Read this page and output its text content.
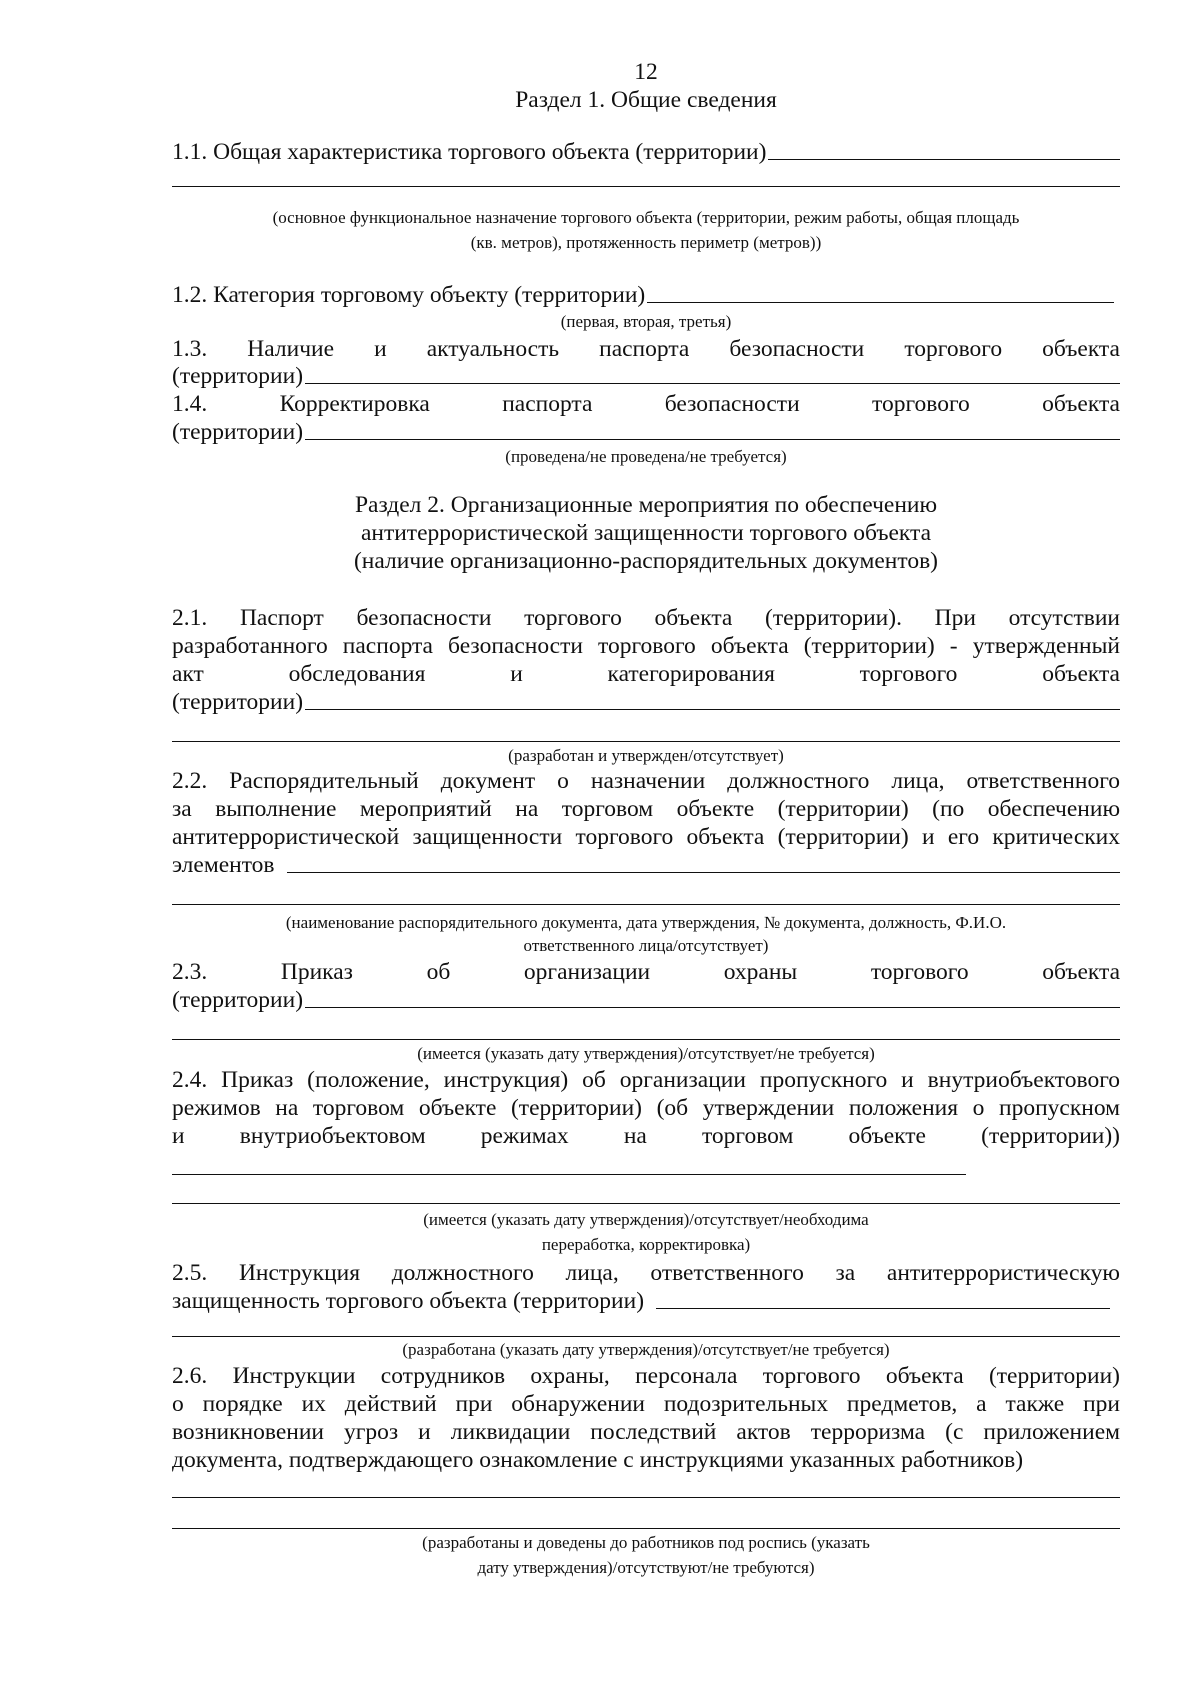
12
Раздел 1. Общие сведения
1.1. Общая характеристика торгового объекта (территории)
(основное функциональное назначение торгового объекта (территории, режим работы, общая площадь
(кв. метров), протяженность периметр (метров))
1.2. Категория торговому объекту (территории)
(первая, вторая, третья)
1.3. Наличие и актуальность паспорта безопасности торгового объекта
(территории)
1.4.	Корректировка	паспорта	безопасности	торгового	объекта
(территории)
(проведена/не проведена/не требуется)
Раздел 2. Организационные мероприятия по обеспечению
антитеррористической защищенности торгового объекта
(наличие организационно-распорядительных документов)
2.1. Паспорт безопасности торгового объекта (территории). При отсутствии
разработанного паспорта безопасности торгового объекта (территории) - утвержденный
акт обследования и категорирования торгового объекта
(территории)
(разработан и утвержден/отсутствует)
2.2. Распорядительный документ о назначении должностного лица, ответственного
за выполнение мероприятий на торговом объекте (территории) (по обеспечению
антитеррористической защищенности торгового объекта (территории) и его критических
элементов
(наименование распорядительного документа, дата утверждения, № документа, должность, Ф.И.О.
ответственного лица/отсутствует)
2.3. Приказ об организации охраны торгового объекта
(территории)
(имеется (указать дату утверждения)/отсутствует/не требуется)
2.4. Приказ (положение, инструкция) об организации пропускного и внутриобъектового
режимов на торговом объекте (территории) (об утверждении положения о пропускном
и внутриобъектовом режимах на торговом объекте (территории))
(имеется (указать дату утверждения)/отсутствует/необходима
переработка, корректировка)
2.5. Инструкция должностного лица, ответственного за антитеррористическую
защищенность торгового объекта (территории)
(разработана (указать дату утверждения)/отсутствует/не требуется)
2.6. Инструкции сотрудников охраны, персонала торгового объекта (территории)
о порядке их действий при обнаружении подозрительных предметов, а также при
возникновении угроз и ликвидации последствий актов терроризма (с приложением
документа, подтверждающего ознакомление с инструкциями указанных работников)
(разработаны и доведены до работников под роспись (указать
дату утверждения)/отсутствуют/не требуются)
